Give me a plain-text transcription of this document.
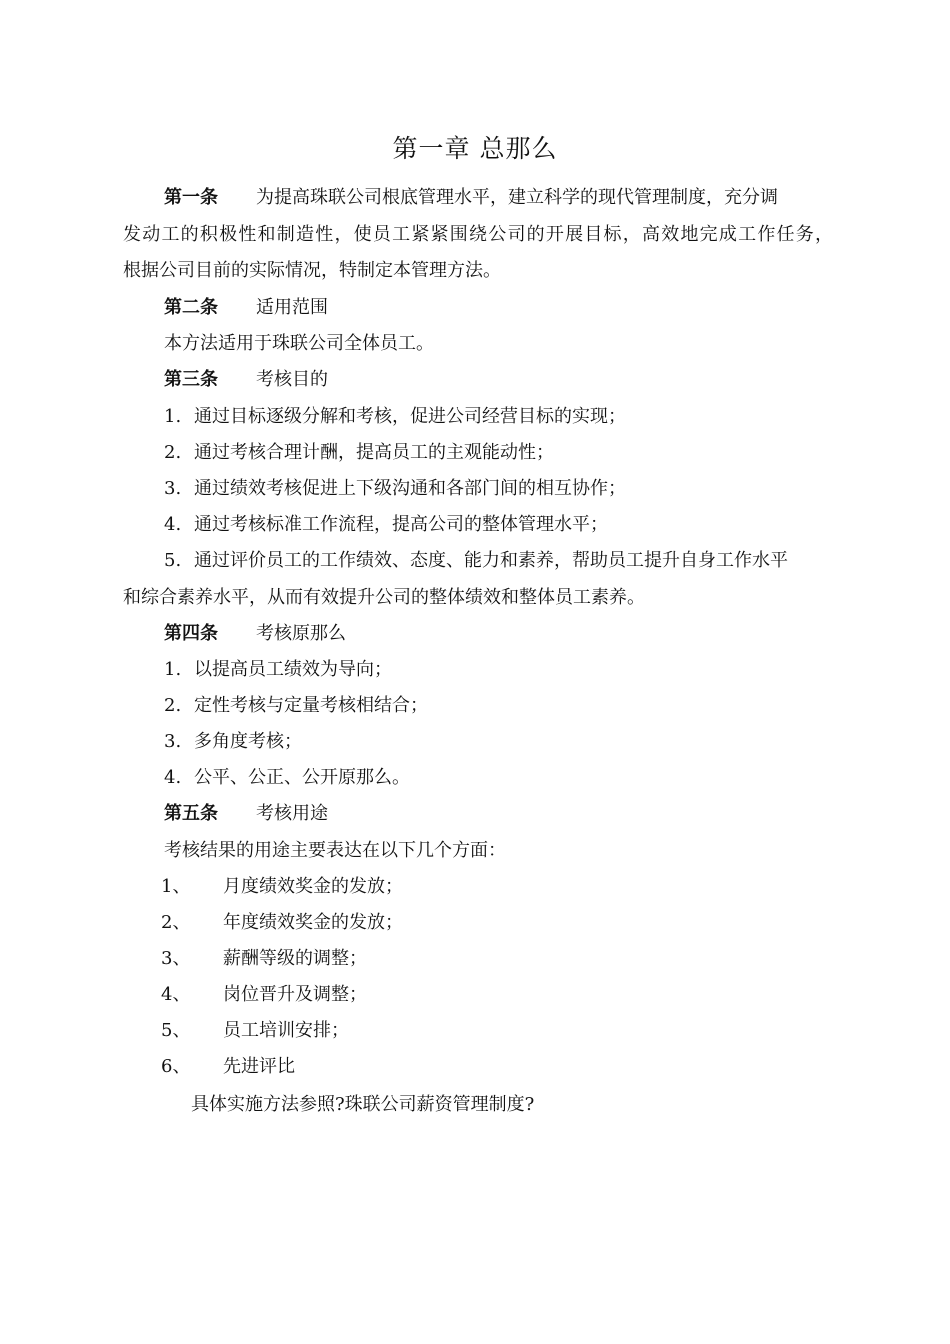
第一章 总那么
第一条 为提高珠联公司根底管理水平，建立科学的现代管理制度，充分调
发动工的积极性和制造性，使员工紧紧围绕公司的开展目标，高效地完成工作任务，
根据公司目前的实际情况，特制定本管理方法。
第二条 适用范围
本方法适用于珠联公司全体员工。
第三条 考核目的
1. 通过目标逐级分解和考核，促进公司经营目标的实现；
2. 通过考核合理计酬，提高员工的主观能动性；
3. 通过绩效考核促进上下级沟通和各部门间的相互协作；
4. 通过考核标准工作流程，提高公司的整体管理水平；
5. 通过评价员工的工作绩效、态度、能力和素养，帮助员工提升自身工作水平
和综合素养水平，从而有效提升公司的整体绩效和整体员工素养。
第四条 考核原那么
1. 以提高员工绩效为导向；
2. 定性考核与定量考核相结合；
3. 多角度考核；
4. 公平、公正、公开原那么。
第五条 考核用途
考核结果的用途主要表达在以下几个方面：
1、 月度绩效奖金的发放；
2、 年度绩效奖金的发放；
3、 薪酬等级的调整；
4、 岗位晋升及调整；
5、 员工培训安排；
6、 先进评比
具体实施方法参照?珠联公司薪资管理制度?
